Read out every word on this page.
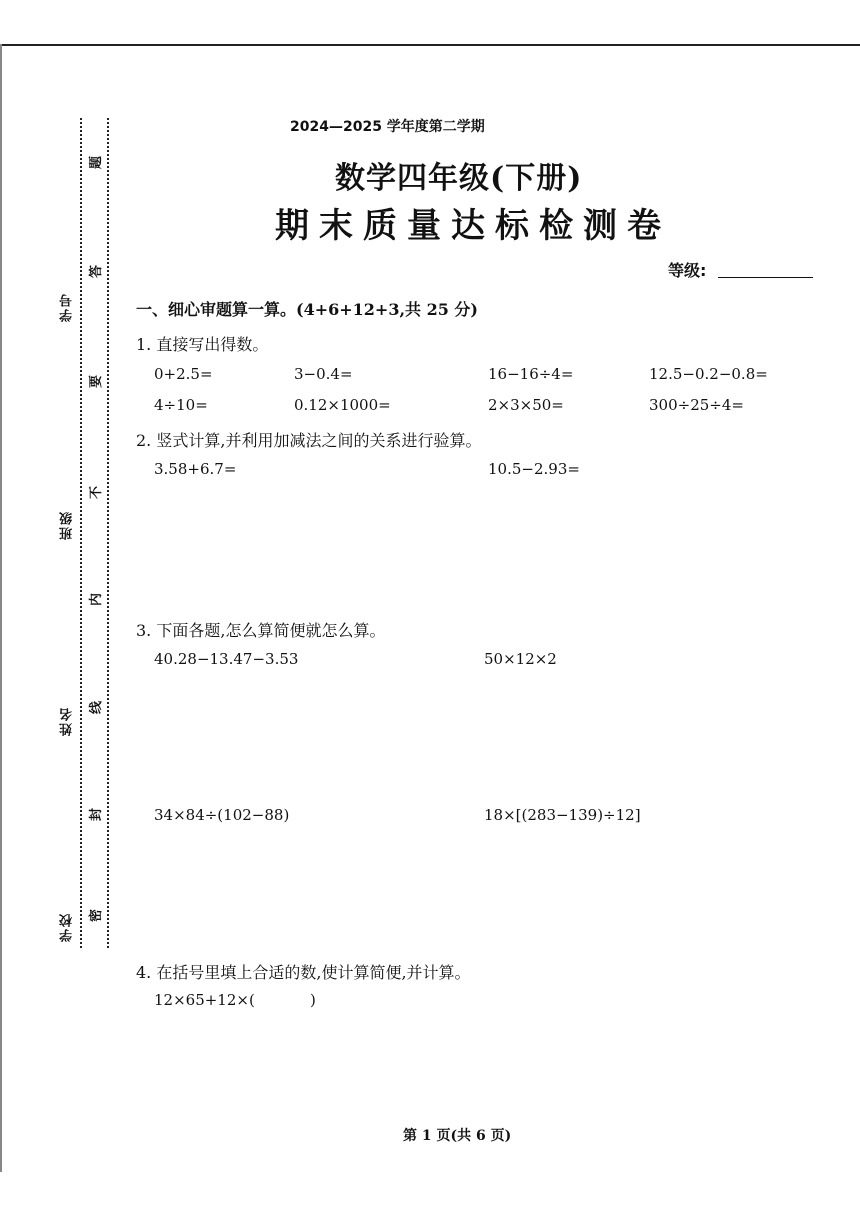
学号
班级
姓名
学校
题
答
要
不
内
线
封
密
2024—2025 学年度第二学期
数学四年级(下册)
期末质量达标检测卷
等级:
一、细心审题算一算。(4+6+12+3,共 25 分)
1. 直接写出得数。
0+2.5=	3−0.4=	16−16÷4=	12.5−0.2−0.8=
4÷10=	0.12×1000=	2×3×50=	300÷25÷4=
2. 竖式计算,并利用加减法之间的关系进行验算。
3.58+6.7=	10.5−2.93=
3. 下面各题,怎么算简便就怎么算。
40.28−13.47−3.53	50×12×2
34×84÷(102−88)	18×[(283−139)÷12]
4. 在括号里填上合适的数,使计算简便,并计算。
12×65+12×(	)
第 1 页(共 6 页)
